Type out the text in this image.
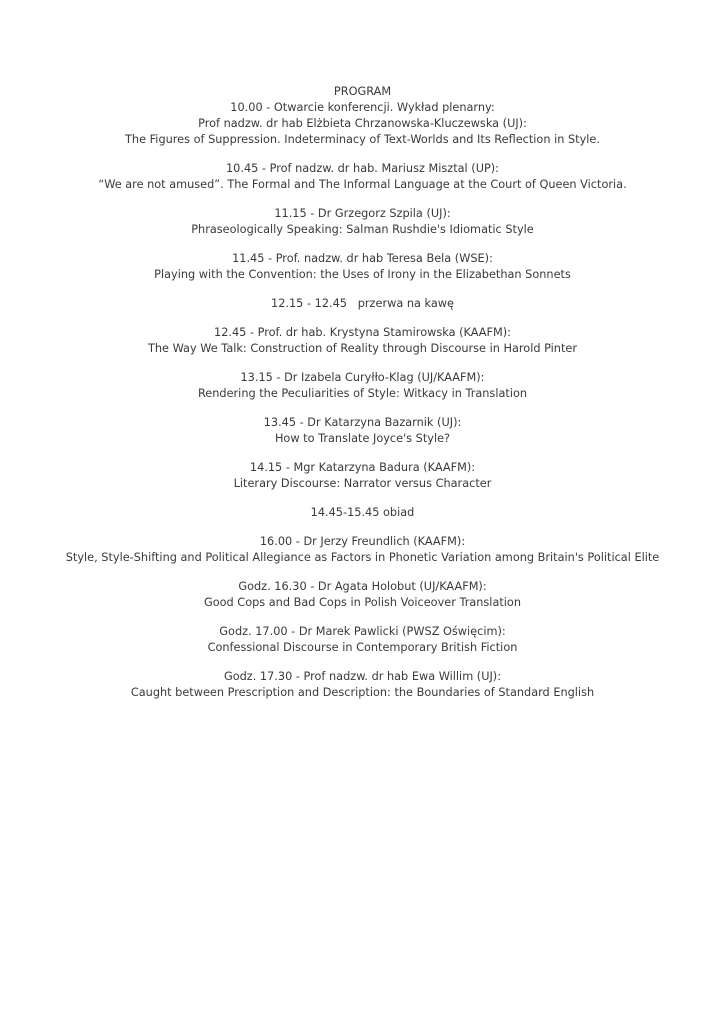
PROGRAM
10.00 - Otwarcie konferencji. Wykład plenarny:
Prof nadzw. dr hab Elżbieta Chrzanowska-Kluczewska (UJ):
The Figures of Suppression. Indeterminacy of Text-Worlds and Its Reflection in Style.
10.45 - Prof nadzw. dr hab. Mariusz Misztal (UP):
“We are not amused”. The Formal and The Informal Language at the Court of Queen Victoria.
11.15 - Dr Grzegorz Szpila (UJ):
Phraseologically Speaking: Salman Rushdie's Idiomatic Style
11.45 - Prof. nadzw. dr hab Teresa Bela (WSE):
Playing with the Convention: the Uses of Irony in the Elizabethan Sonnets
12.15 - 12.45   przerwa na kawę
12.45 - Prof. dr hab. Krystyna Stamirowska (KAAFM):
The Way We Talk: Construction of Reality through Discourse in Harold Pinter
13.15 - Dr Izabela Curyłło-Klag (UJ/KAAFM):
Rendering the Peculiarities of Style: Witkacy in Translation
13.45 - Dr Katarzyna Bazarnik (UJ):
How to Translate Joyce's Style?
14.15 - Mgr Katarzyna Badura (KAAFM):
Literary Discourse: Narrator versus Character
14.45-15.45 obiad
16.00 - Dr Jerzy Freundlich (KAAFM):
Style, Style-Shifting and Political Allegiance as Factors in Phonetic Variation among Britain's Political Elite
Godz. 16.30 - Dr Agata Holobut (UJ/KAAFM):
Good Cops and Bad Cops in Polish Voiceover Translation
Godz. 17.00 - Dr Marek Pawlicki (PWSZ Oświęcim):
Confessional Discourse in Contemporary British Fiction
Godz. 17.30 - Prof nadzw. dr hab Ewa Willim (UJ):
Caught between Prescription and Description: the Boundaries of Standard English
